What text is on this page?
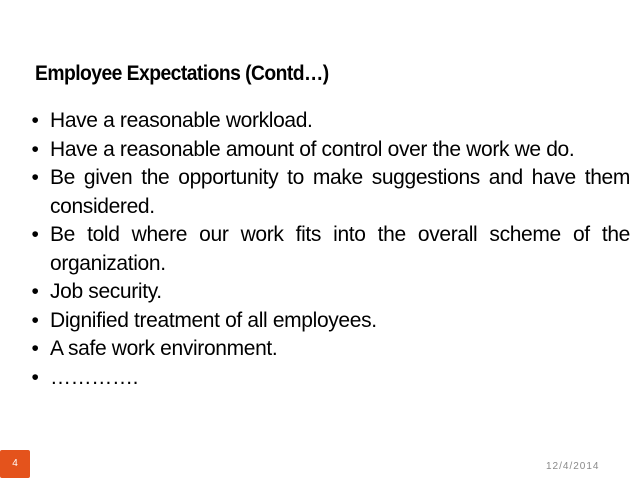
Employee Expectations (Contd…)
• Have a reasonable workload.
• Have a reasonable amount of control over the work we do.
• Be given the opportunity to make suggestions and have them considered.
• Be told where our work fits into the overall scheme of the organization.
• Job security.
• Dignified treatment of all employees.
• A safe work environment.
• ………….
4	12/4/2014
